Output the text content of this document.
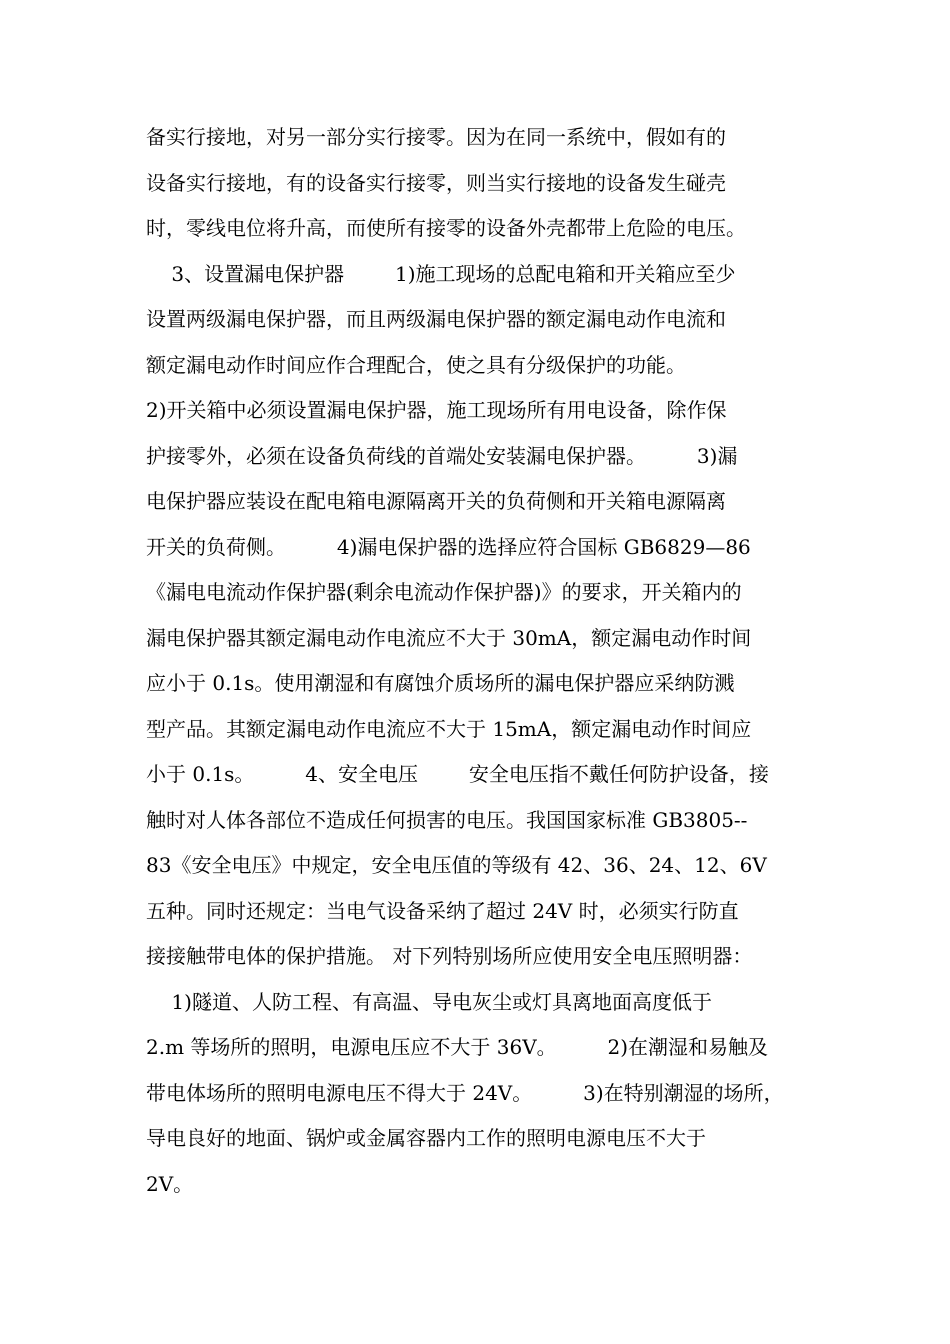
备实行接地，对另一部分实行接零。因为在同一系统中，假如有的
设备实行接地，有的设备实行接零，则当实行接地的设备发生碰壳
时，零线电位将升高，而使所有接零的设备外壳都带上危险的电压。
3、设置漏电保护器        1)施工现场的总配电箱和开关箱应至少
设置两级漏电保护器，而且两级漏电保护器的额定漏电动作电流和
额定漏电动作时间应作合理配合，使之具有分级保护的功能。
2)开关箱中必须设置漏电保护器，施工现场所有用电设备，除作保
护接零外，必须在设备负荷线的首端处安装漏电保护器。        3)漏
电保护器应装设在配电箱电源隔离开关的负荷侧和开关箱电源隔离
开关的负荷侧。        4)漏电保护器的选择应符合国标 GB6829—86
《漏电电流动作保护器(剩余电流动作保护器)》的要求，开关箱内的
漏电保护器其额定漏电动作电流应不大于 30mA，额定漏电动作时间
应小于 0.1s。使用潮湿和有腐蚀介质场所的漏电保护器应采纳防溅
型产品。其额定漏电动作电流应不大于 15mA，额定漏电动作时间应
小于 0.1s。        4、安全电压        安全电压指不戴任何防护设备，接
触时对人体各部位不造成任何损害的电压。我国国家标准 GB3805--
83《安全电压》中规定，安全电压值的等级有 42、36、24、12、6V
五种。同时还规定：当电气设备采纳了超过 24V 时，必须实行防直
接接触带电体的保护措施。 对下列特别场所应使用安全电压照明器：
1)隧道、人防工程、有高温、导电灰尘或灯具离地面高度低于
2.m 等场所的照明，电源电压应不大于 36V。        2)在潮湿和易触及
带电体场所的照明电源电压不得大于 24V。        3)在特别潮湿的场所，
导电良好的地面、锅炉或金属容器内工作的照明电源电压不大于
2V。
